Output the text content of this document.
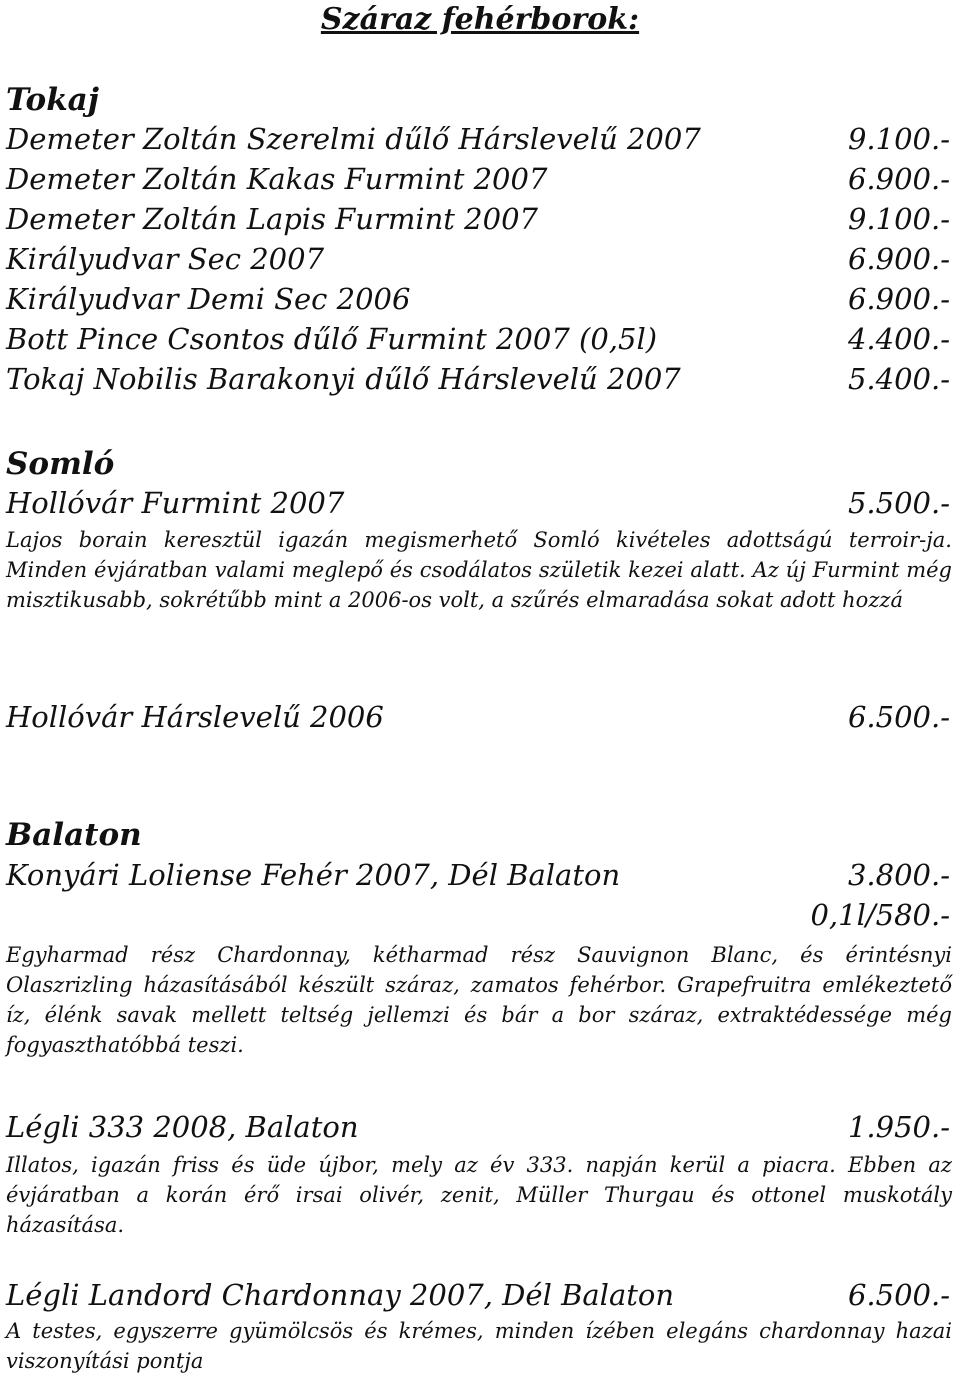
Száraz fehérborok:
Tokaj
Demeter Zoltán Szerelmi dűlő Hárslevelű 2007	9.100.-
Demeter Zoltán Kakas Furmint 2007	6.900.-
Demeter Zoltán Lapis Furmint 2007	9.100.-
Királyudvar Sec 2007	6.900.-
Királyudvar Demi Sec 2006	6.900.-
Bott Pince Csontos dűlő Furmint 2007 (0,5l)	4.400.-
Tokaj Nobilis Barakonyi dűlő Hárslevelű 2007	5.400.-
Somló
Hollóvár Furmint 2007	5.500.-
Lajos borain keresztül igazán megismerhető Somló kivételes adottságú terroir-ja. Minden évjáratban valami meglepő és csodálatos születik kezei alatt. Az új Furmint még misztikusabb, sokrétűbb mint a 2006-os volt, a szűrés elmaradása sokat adott hozzá
Hollóvár Hárslevelű 2006	6.500.-
Balaton
Konyári Loliense Fehér 2007, Dél Balaton	3.800.-
0,1l/580.-
Egyharmad rész Chardonnay, kétharmad rész Sauvignon Blanc, és érintésnyi Olaszrizling házasításából készült száraz, zamatos fehérbor. Grapefruitra emlékeztető íz, élénk savak mellett teltség jellemzi és bár a bor száraz, extraktédessége még fogyaszthatóbbá teszi.
Légli 333 2008, Balaton	1.950.-
Illatos, igazán friss és üde újbor, mely az év 333. napján kerül a piacra. Ebben az évjáratban a korán érő irsai olivér, zenit, Müller Thurgau és ottonel muskotály házasítása.
Légli Landord Chardonnay 2007, Dél Balaton	6.500.-
A testes, egyszerre gyümölcsös és krémes, minden ízében elegáns chardonnay hazai viszonyítási pontja
